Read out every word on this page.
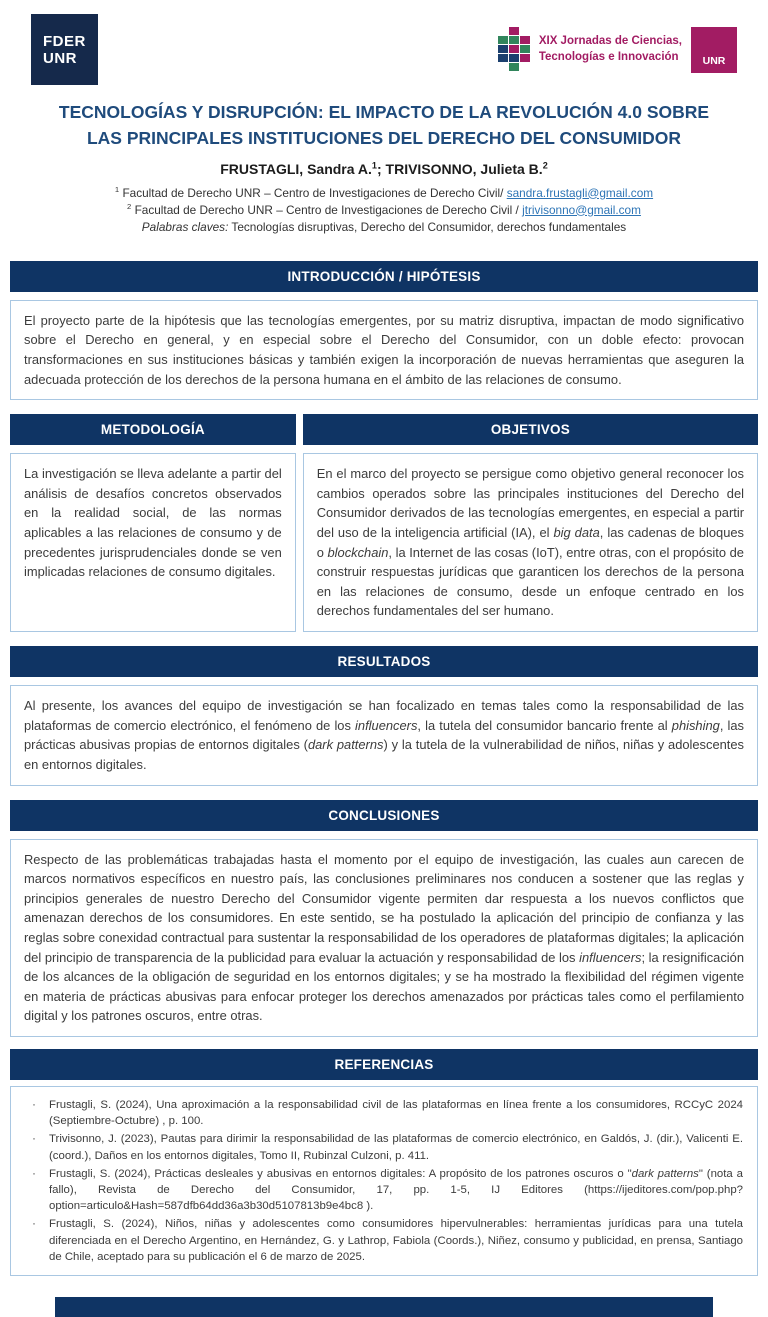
FDER
UNR
XIX Jornadas de Ciencias,
Tecnologías e Innovación	UNR
TECNOLOGÍAS Y DISRUPCIÓN: EL IMPACTO DE LA REVOLUCIÓN 4.0 SOBRE LAS PRINCIPALES INSTITUCIONES DEL DERECHO DEL CONSUMIDOR
FRUSTAGLI, Sandra A.$^1$; TRIVISONNO, Julieta B.$^2$
$^1$ Facultad de Derecho UNR – Centro de Investigaciones de Derecho Civil/ sandra.frustagli@gmail.com
$^2$ Facultad de Derecho UNR – Centro de Investigaciones de Derecho Civil / jtrivisonno@gmail.com
Palabras claves: Tecnologías disruptivas, Derecho del Consumidor, derechos fundamentales
INTRODUCCIÓN / HIPÓTESIS
El proyecto parte de la hipótesis que las tecnologías emergentes, por su matriz disruptiva, impactan de modo significativo sobre el Derecho en general, y en especial sobre el Derecho del Consumidor, con un doble efecto: provocan transformaciones en sus instituciones básicas y también exigen la incorporación de nuevas herramientas que aseguren la adecuada protección de los derechos de la persona humana en el ámbito de las relaciones de consumo.
METODOLOGÍA
La investigación se lleva adelante a partir del análisis de desafíos concretos observados en la realidad social, de las normas aplicables a las relaciones de consumo y de precedentes jurisprudenciales donde se ven implicadas relaciones de consumo digitales.
OBJETIVOS
En el marco del proyecto se persigue como objetivo general reconocer los cambios operados sobre las principales instituciones del Derecho del Consumidor derivados de las tecnologías emergentes, en especial a partir del uso de la inteligencia artificial (IA), el big data, las cadenas de bloques o blockchain, la Internet de las cosas (IoT), entre otras, con el propósito de construir respuestas jurídicas que garanticen los derechos de la persona en las relaciones de consumo, desde un enfoque centrado en los derechos fundamentales del ser humano.
RESULTADOS
Al presente, los avances del equipo de investigación se han focalizado en temas tales como la responsabilidad de las plataformas de comercio electrónico, el fenómeno de los influencers, la tutela del consumidor bancario frente al phishing, las prácticas abusivas propias de entornos digitales (dark patterns) y la tutela de la vulnerabilidad de niños, niñas y adolescentes en entornos digitales.
CONCLUSIONES
Respecto de las problemáticas trabajadas hasta el momento por el equipo de investigación, las cuales aun carecen de marcos normativos específicos en nuestro país, las conclusiones preliminares nos conducen a sostener que las reglas y principios generales de nuestro Derecho del Consumidor vigente permiten dar respuesta a los nuevos conflictos que amenazan derechos de los consumidores. En este sentido, se ha postulado la aplicación del principio de confianza y las reglas sobre conexidad contractual para sustentar la responsabilidad de los operadores de plataformas digitales; la aplicación del principio de transparencia de la publicidad para evaluar la actuación y responsabilidad de los influencers; la resignificación de los alcances de la obligación de seguridad en los entornos digitales; y se ha mostrado la flexibilidad del régimen vigente en materia de prácticas abusivas para enfocar proteger los derechos amenazados por prácticas tales como el perfilamiento digital y los patrones oscuros, entre otras.
REFERENCIAS
· Frustagli, S. (2024), Una aproximación a la responsabilidad civil de las plataformas en línea frente a los consumidores, RCCyC 2024 (Septiembre-Octubre) , p. 100.
· Trivisonno, J. (2023), Pautas para dirimir la responsabilidad de las plataformas de comercio electrónico, en Galdós, J. (dir.), Valicenti E. (coord.), Daños en los entornos digitales, Tomo II, Rubinzal Culzoni, p. 411.
· Frustagli, S. (2024), Prácticas desleales y abusivas en entornos digitales: A propósito de los patrones oscuros o "dark patterns" (nota a fallo), Revista de Derecho del Consumidor, 17, pp. 1-5, IJ Editores (https://ijeditores.com/pop.php?option=articulo&Hash=587dfb64dd36a3b30d5107813b9e4bc8 ).
· Frustagli, S. (2024), Niños, niñas y adolescentes como consumidores hipervulnerables: herramientas jurídicas para una tutela diferenciada en el Derecho Argentino, en Hernández, G. y Lathrop, Fabiola (Coords.), Niñez, consumo y publicidad, en prensa, Santiago de Chile, aceptado para su publicación el 6 de marzo de 2025.
